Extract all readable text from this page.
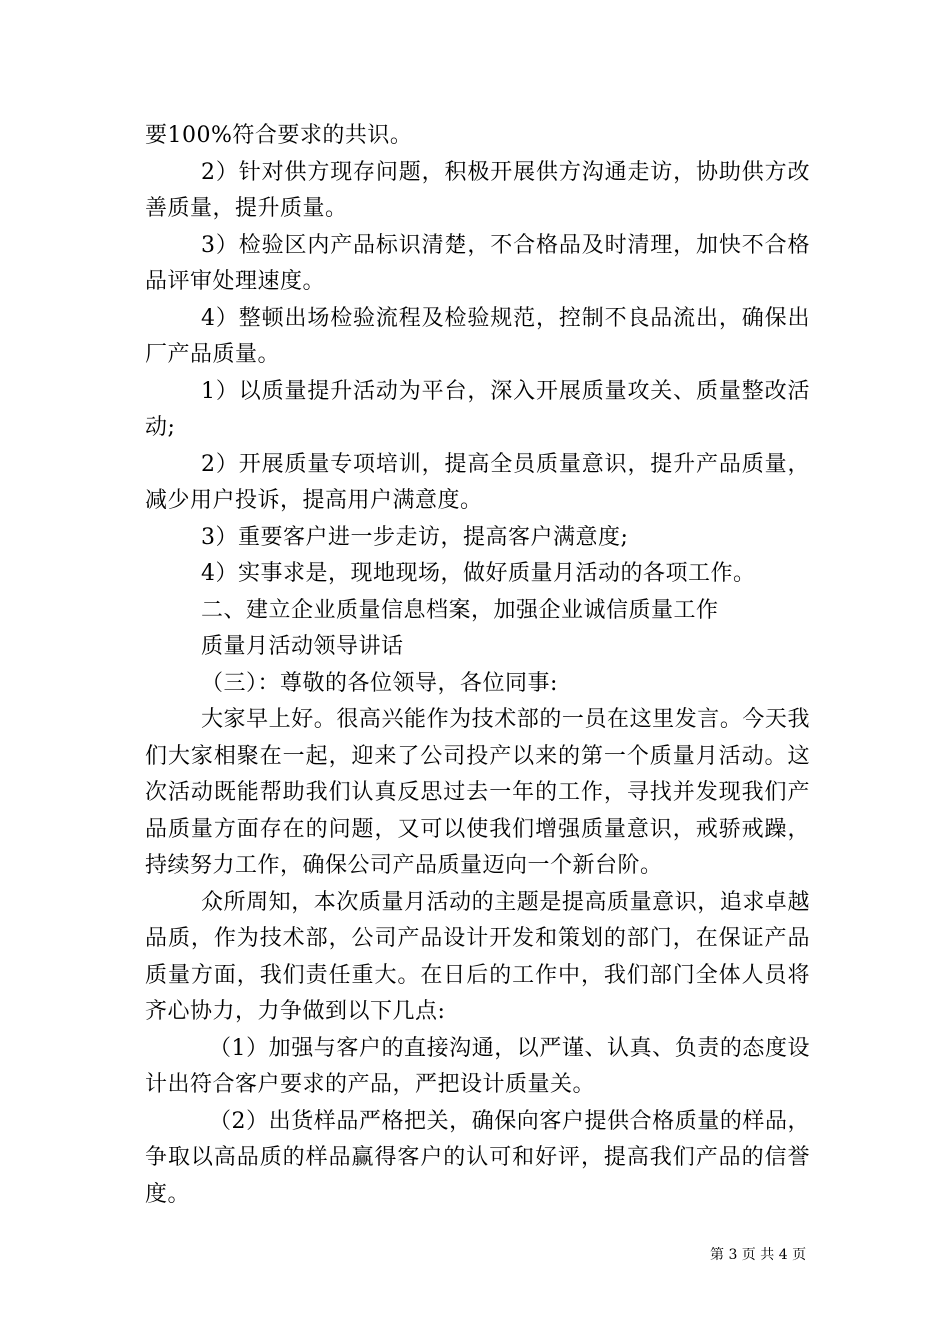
要100%符合要求的共识。

2）针对供方现存问题，积极开展供方沟通走访，协助供方改善质量，提升质量。

3）检验区内产品标识清楚，不合格品及时清理，加快不合格品评审处理速度。

4）整顿出场检验流程及检验规范，控制不良品流出，确保出厂产品质量。

1）以质量提升活动为平台，深入开展质量攻关、质量整改活动;

2）开展质量专项培训，提高全员质量意识，提升产品质量，减少用户投诉，提高用户满意度。

3）重要客户进一步走访，提高客户满意度;

4）实事求是，现地现场，做好质量月活动的各项工作。

二、建立企业质量信息档案，加强企业诚信质量工作

质量月活动领导讲话

（三）：尊敬的各位领导，各位同事:

大家早上好。很高兴能作为技术部的一员在这里发言。今天我们大家相聚在一起，迎来了公司投产以来的第一个质量月活动。这次活动既能帮助我们认真反思过去一年的工作，寻找并发现我们产品质量方面存在的问题，又可以使我们增强质量意识，戒骄戒躁，持续努力工作，确保公司产品质量迈向一个新台阶。

众所周知，本次质量月活动的主题是提高质量意识，追求卓越品质，作为技术部，公司产品设计开发和策划的部门，在保证产品质量方面，我们责任重大。在日后的工作中，我们部门全体人员将齐心协力，力争做到以下几点:

（1）加强与客户的直接沟通，以严谨、认真、负责的态度设计出符合客户要求的产品，严把设计质量关。

（2）出货样品严格把关，确保向客户提供合格质量的样品，争取以高品质的样品赢得客户的认可和好评，提高我们产品的信誉度。

第 3 页 共 4 页
